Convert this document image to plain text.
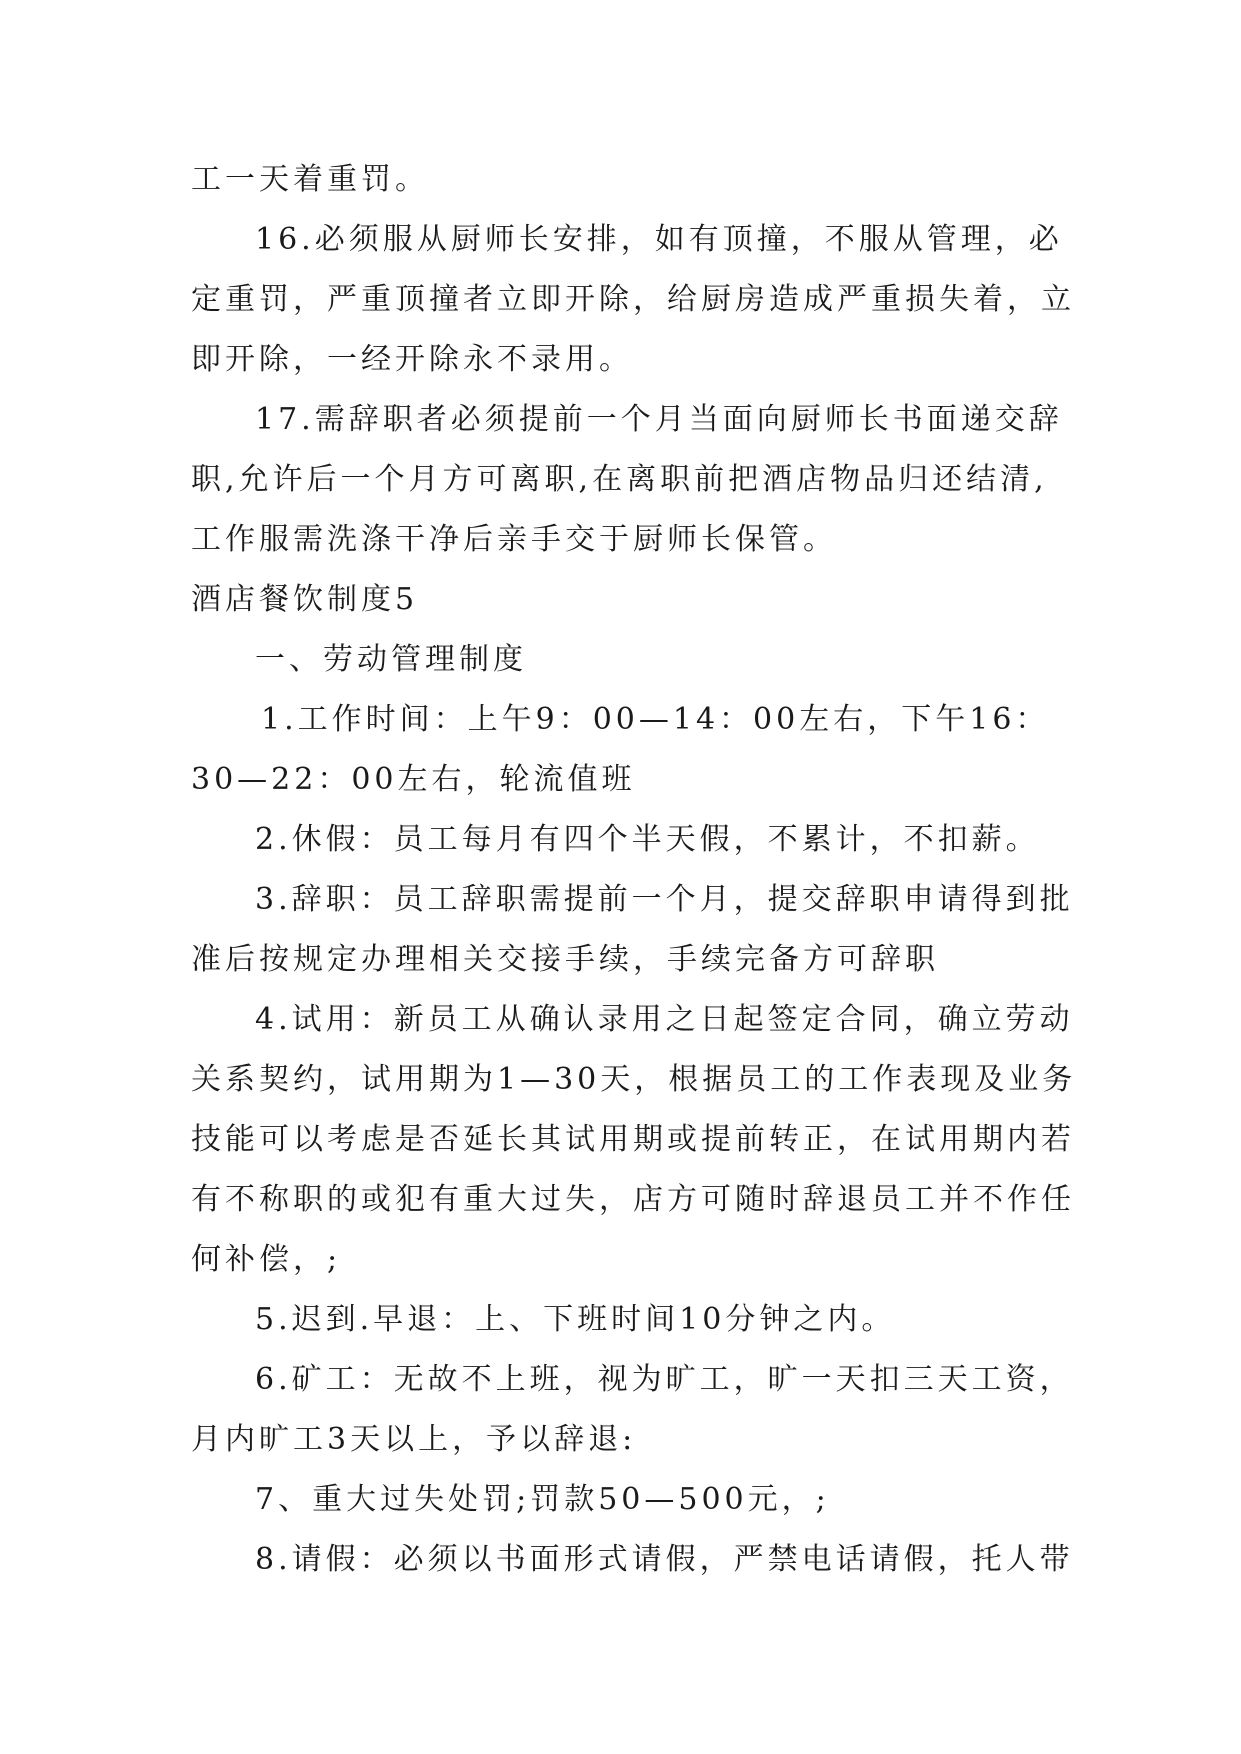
工一天着重罚。
16.必须服从厨师长安排，如有顶撞，不服从管理，必
定重罚，严重顶撞者立即开除，给厨房造成严重损失着，立
即开除，一经开除永不录用。
17.需辞职者必须提前一个月当面向厨师长书面递交辞
职,允许后一个月方可离职,在离职前把酒店物品归还结清,
工作服需洗涤干净后亲手交于厨师长保管。
酒店餐饮制度5
一、劳动管理制度
1.工作时间：上午9：00—14：00左右，下午16：
30—22：00左右，轮流值班
2.休假：员工每月有四个半天假，不累计，不扣薪。
3.辞职：员工辞职需提前一个月，提交辞职申请得到批
准后按规定办理相关交接手续，手续完备方可辞职
4.试用：新员工从确认录用之日起签定合同，确立劳动
关系契约，试用期为1—30天，根据员工的工作表现及业务
技能可以考虑是否延长其试用期或提前转正，在试用期内若
有不称职的或犯有重大过失，店方可随时辞退员工并不作任
何补偿，;
5.迟到.早退：上、下班时间10分钟之内。
6.矿工：无故不上班，视为旷工，旷一天扣三天工资，
月内旷工3天以上，予以辞退:
7、重大过失处罚;罚款50—500元，;
8.请假：必须以书面形式请假，严禁电话请假，托人带
